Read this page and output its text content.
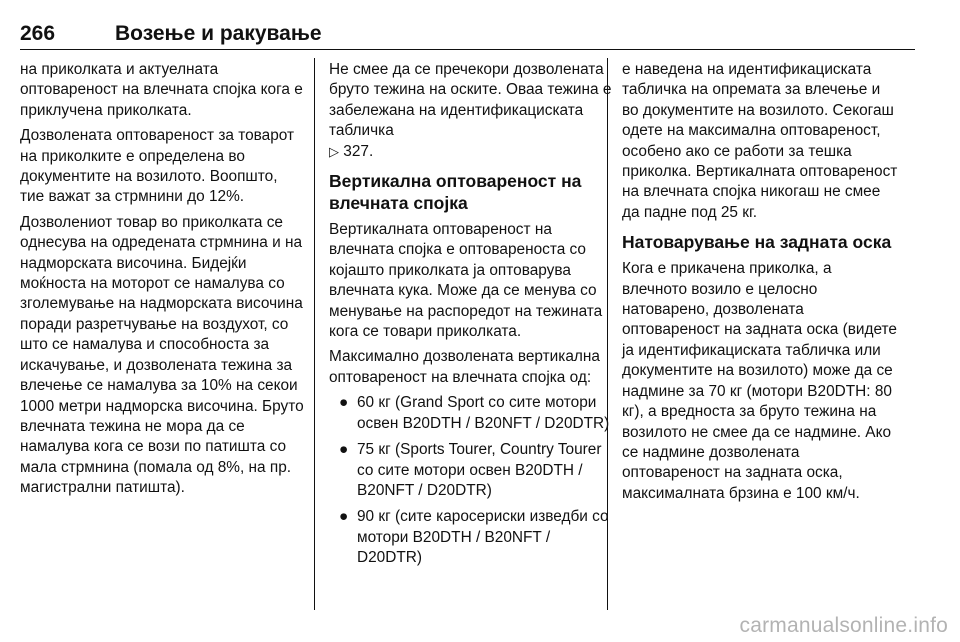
266	Возење и ракување

на приколката и актуелната оптовареност на влечната спојка кога е приклучена приколката.

Дозволената оптовареност за товарот на приколките е определена во документите на возилото. Воопшто, тие важат за стрмнини до 12%.

Дозволениот товар во приколката се однесува на одредената стрмнина и на надморската височина. Бидејќи моќноста на моторот се намалува со зголемување на надморската височина поради разретчување на воздухот, со што се намалува и способноста за искачување, и дозволената тежина за влечење се намалува за 10% на секои 1000 метри надморска височина. Бруто влечната тежина не мора да се намалува кога се вози по патишта со мала стрмнина (помала од 8%, на пр. магистрални патишта).

Не смее да се пречекори дозволената бруто тежина на оските. Оваа тежина е забележана на идентификациската табличка
▷ 327.

Вертикална оптовареност на влечната спојка

Вертикалната оптовареност на влечната спојка е оптовареноста со којашто приколката ја оптоварува влечната кука. Може да се менува со менување на распоредот на тежината кога се товари приколката.

Максимално дозволената вертикална оптовареност на влечната спојка од:

● 60 кг (Grand Sport со сите мотори освен B20DTH / B20NFT / D20DTR)
● 75 кг (Sports Tourer, Country Tourer со сите мотори освен B20DTH / B20NFT / D20DTR)
● 90 кг (сите каросериски изведби со мотори B20DTH / B20NFT / D20DTR)

е наведена на идентификациската табличка на опремата за влечење и во документите на возилото. Секогаш одете на максимална оптовареност, особено ако се работи за тешка приколка. Вертикалната оптовареност на влечната спојка никогаш не смее да падне под 25 кг.

Натоварување на задната оска

Кога е прикачена приколка, а влечното возило е целосно натоварено, дозволената оптовареност на задната оска (видете ја идентификациската табличка или документите на возилото) може да се надмине за 70 кг (мотори B20DTH: 80 кг), а вредноста за бруто тежина на возилото не смее да се надмине. Ако се надмине дозволената оптовареност на задната оска, максималната брзина е 100 км/ч.

carmanualsonline.info
